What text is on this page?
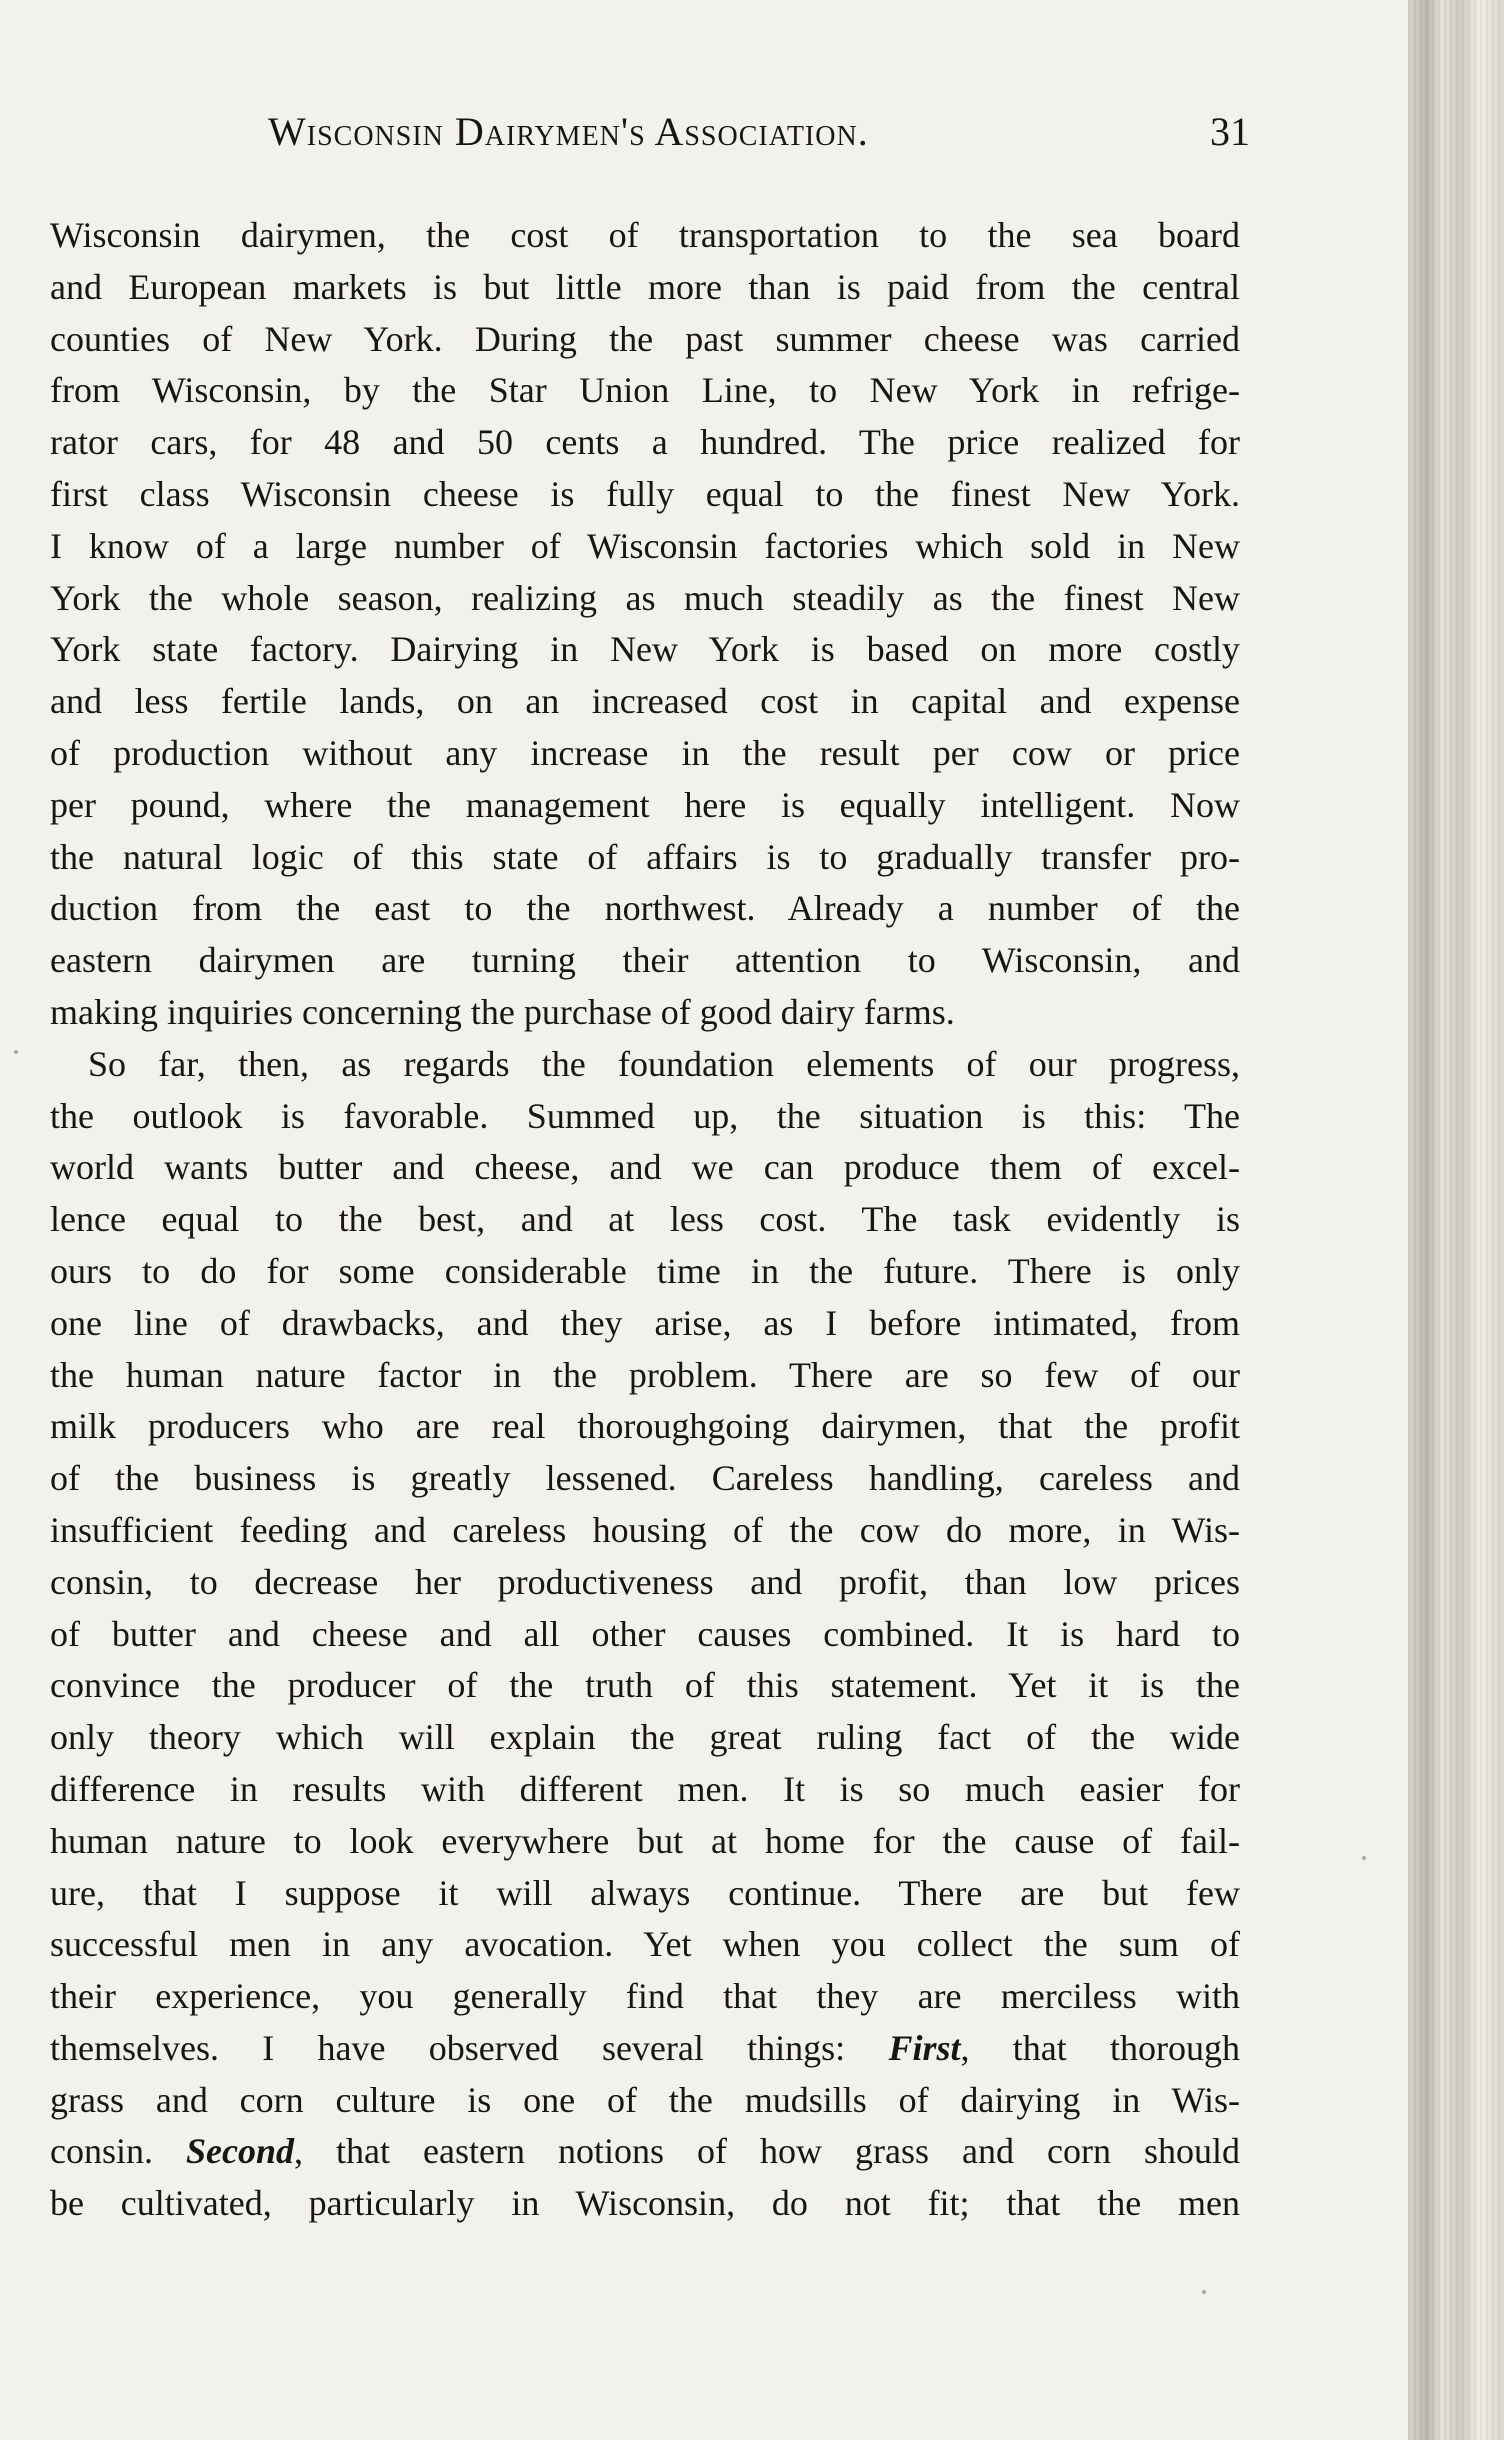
Wisconsin Dairymen's Association.	31
Wisconsin dairymen, the cost of transportation to the sea board
and European markets is but little more than is paid from the central
counties of New York. During the past summer cheese was carried
from Wisconsin, by the Star Union Line, to New York in refrige-
rator cars, for 48 and 50 cents a hundred. The price realized for
first class Wisconsin cheese is fully equal to the finest New York.
I know of a large number of Wisconsin factories which sold in New
York the whole season, realizing as much steadily as the finest New
York state factory. Dairying in New York is based on more costly
and less fertile lands, on an increased cost in capital and expense
of production without any increase in the result per cow or price
per pound, where the management here is equally intelligent. Now
the natural logic of this state of affairs is to gradually transfer pro-
duction from the east to the northwest. Already a number of the
eastern dairymen are turning their attention to Wisconsin, and
making inquiries concerning the purchase of good dairy farms.
So far, then, as regards the foundation elements of our progress,
the outlook is favorable. Summed up, the situation is this: The
world wants butter and cheese, and we can produce them of excel-
lence equal to the best, and at less cost. The task evidently is
ours to do for some considerable time in the future. There is only
one line of drawbacks, and they arise, as I before intimated, from
the human nature factor in the problem. There are so few of our
milk producers who are real thoroughgoing dairymen, that the profit
of the business is greatly lessened. Careless handling, careless and
insufficient feeding and careless housing of the cow do more, in Wis-
consin, to decrease her productiveness and profit, than low prices
of butter and cheese and all other causes combined. It is hard to
convince the producer of the truth of this statement. Yet it is the
only theory which will explain the great ruling fact of the wide
difference in results with different men. It is so much easier for
human nature to look everywhere but at home for the cause of fail-
ure, that I suppose it will always continue. There are but few
successful men in any avocation. Yet when you collect the sum of
their experience, you generally find that they are merciless with
themselves. I have observed several things: First, that thorough
grass and corn culture is one of the mudsills of dairying in Wis-
consin. Second, that eastern notions of how grass and corn should
be cultivated, particularly in Wisconsin, do not fit; that the men
